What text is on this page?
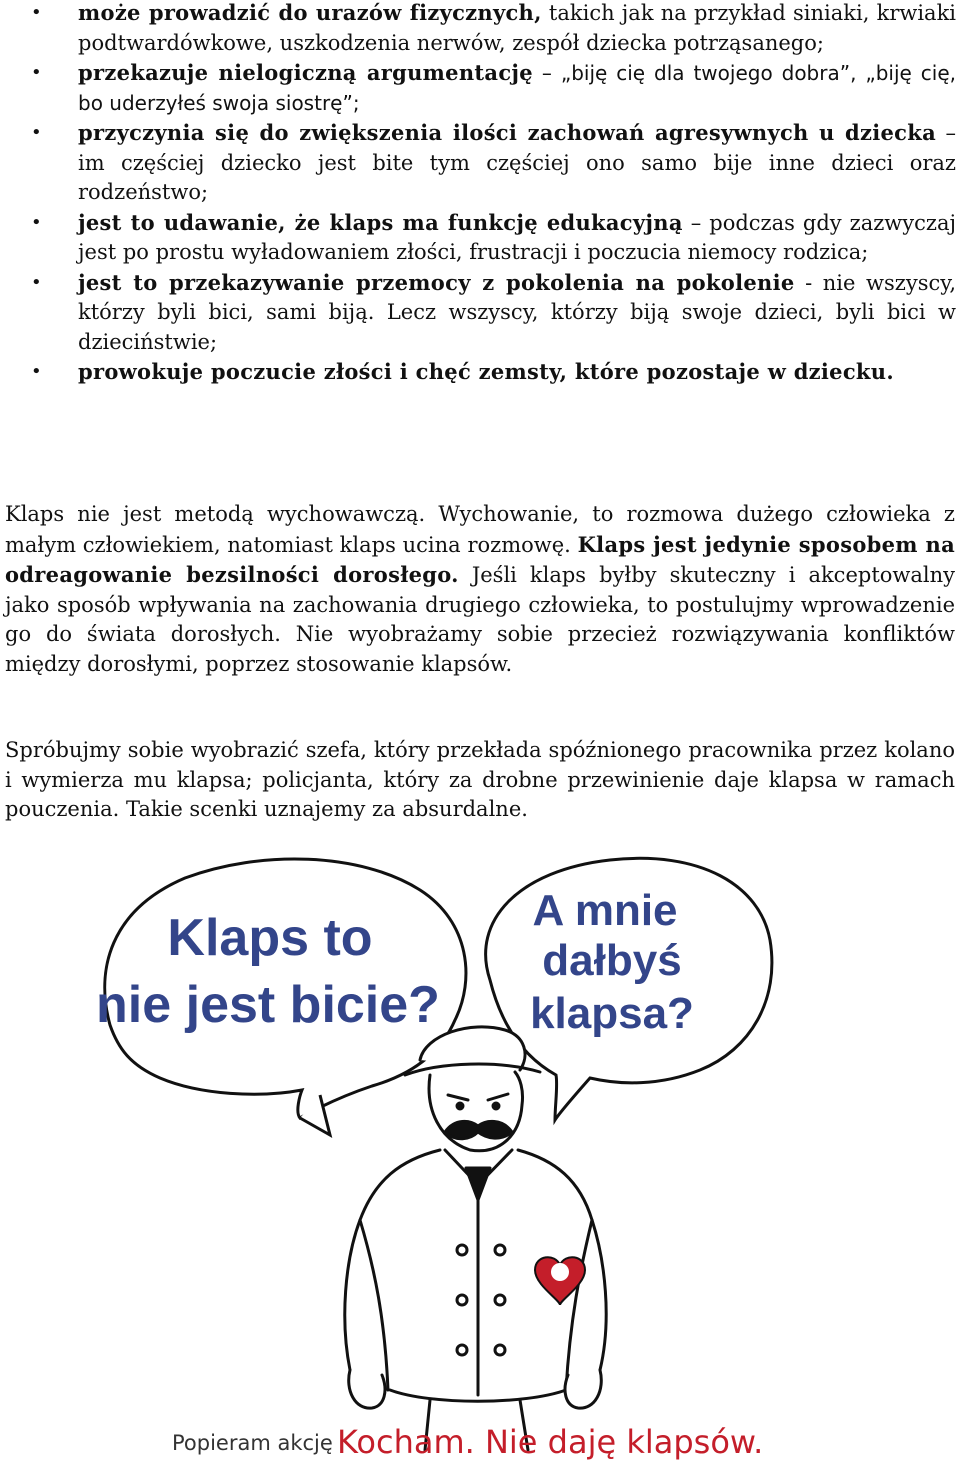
• może prowadzić do urazów fizycznych, takich jak na przykład siniaki, krwiaki podtwardówkowe, uszkodzenia nerwów, zespół dziecka potrząsanego;
• przekazuje nielogiczną argumentację – „biję cię dla twojego dobra”, „biję cię, bo uderzyłeś swoja siostrę”;
• przyczynia się do zwiększenia ilości zachowań agresywnych u dziecka – im częściej dziecko jest bite tym częściej ono samo bije inne dzieci oraz rodzeństwo;
• jest to udawanie, że klaps ma funkcję edukacyjną – podczas gdy zazwyczaj jest po prostu wyładowaniem złości, frustracji i poczucia niemocy rodzica;
• jest to przekazywanie przemocy z pokolenia na pokolenie - nie wszyscy, którzy byli bici, sami biją. Lecz wszyscy, którzy biją swoje dzieci, byli bici w dzieciństwie;
• prowokuje poczucie złości i chęć zemsty, które pozostaje w dziecku.

Klaps nie jest metodą wychowawczą. Wychowanie, to rozmowa dużego człowieka z małym człowiekiem, natomiast klaps ucina rozmowę. Klaps jest jedynie sposobem na odreagowanie bezsilności dorosłego. Jeśli klaps byłby skuteczny i akceptowalny jako sposób wpływania na zachowania drugiego człowieka, to postulujmy wprowadzenie go do świata dorosłych. Nie wyobrażamy sobie przecież rozwiązywania konfliktów między dorosłymi, poprzez stosowanie klapsów.

Spróbujmy sobie wyobrazić szefa, który przekłada spóźnionego pracownika przez kolano i wymierza mu klapsa; policjanta, który za drobne przewinienie daje klapsa w ramach pouczenia. Takie scenki uznajemy za absurdalne.

Klaps to
nie jest bicie?
A mnie
dałbyś
klapsa?
Popieram akcję Kocham. Nie daję klapsów.
